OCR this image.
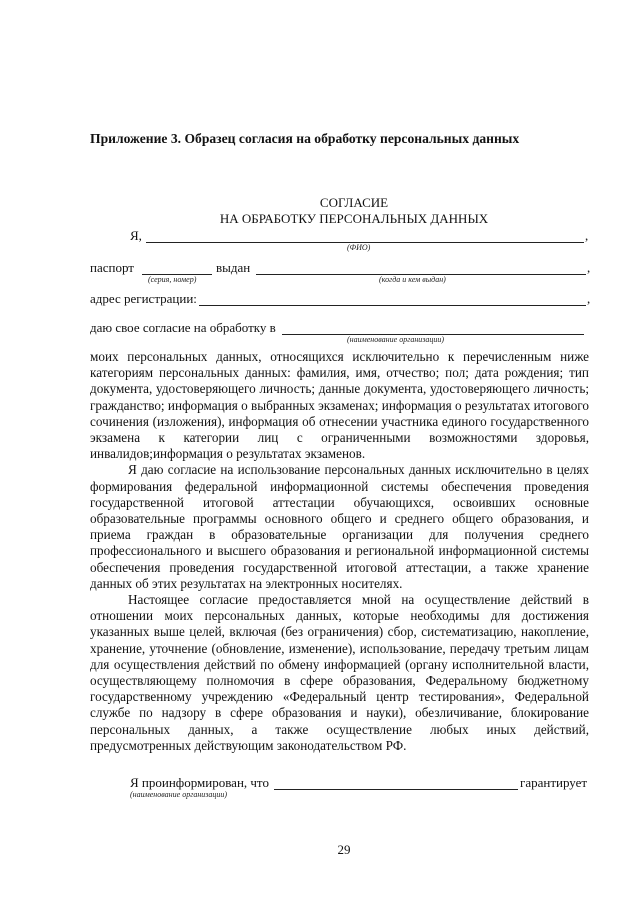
Приложение 3. Образец согласия на обработку персональных данных
СОГЛАСИЕ
НА ОБРАБОТКУ ПЕРСОНАЛЬНЫХ ДАННЫХ
Я,	,
(ФИО)
паспорт	выдан	,
(серия, номер)	(когда и кем выдан)
адрес регистрации:	,
даю свое согласие на обработку в
(наименование организации)

моих персональных данных, относящихся исключительно к перечисленным ниже категориям персональных данных: фамилия, имя, отчество; пол; дата рождения; тип документа, удостоверяющего личность; данные документа, удостоверяющего личность; гражданство; информация о выбранных экзаменах; информация о результатах итогового сочинения (изложения), информация об отнесении участника единого государственного экзамена к категории лиц с ограниченными возможностями здоровья, инвалидов;информация о результатах экзаменов.

Я даю согласие на использование персональных данных исключительно в целях формирования федеральной информационной системы обеспечения проведения государственной итоговой аттестации обучающихся, освоивших основные образовательные программы основного общего и среднего общего образования, и приема граждан в образовательные организации для получения среднего профессионального и высшего образования и региональной информационной системы обеспечения проведения государственной итоговой аттестации, а также хранение данных об этих результатах на электронных носителях.

Настоящее согласие предоставляется мной на осуществление действий в отношении моих персональных данных, которые необходимы для достижения указанных выше целей, включая (без ограничения) сбор, систематизацию, накопление, хранение, уточнение (обновление, изменение), использование, передачу третьим лицам для осуществления действий по обмену информацией (органу исполнительной власти, осуществляющему полномочия в сфере образования, Федеральному бюджетному государственному учреждению «Федеральный центр тестирования», Федеральной службе по надзору в сфере образования и науки), обезличивание, блокирование персональных данных, а также осуществление любых иных действий, предусмотренных действующим законодательством РФ.

Я проинформирован, что	гарантирует
(наименование организации)
29
